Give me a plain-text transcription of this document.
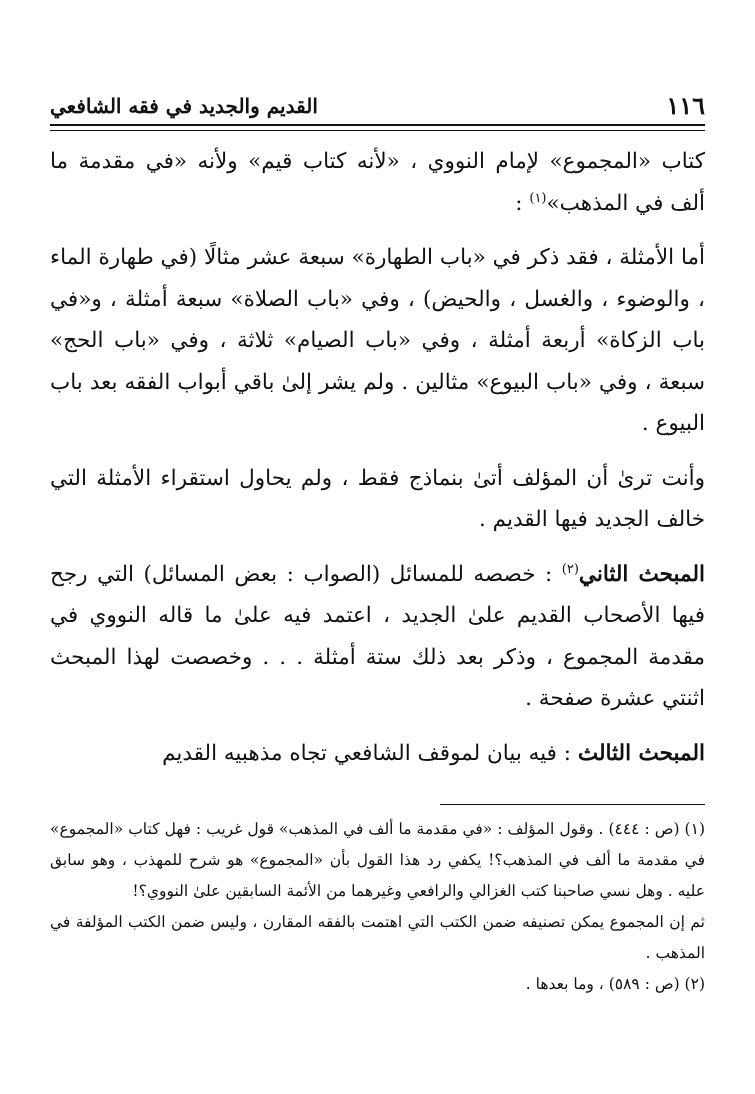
١١٦
القديم والجديد في فقه الشافعي

كتاب «المجموع» لإمام النووي ، «لأنه كتاب قيم» ولأنه «في مقدمة ما ألف في المذهب»$^{(١)}$ :

أما الأمثلة ، فقد ذكر في «باب الطهارة» سبعة عشر مثالًا (في طهارة الماء ، والوضوء ، والغسل ، والحيض) ، وفي «باب الصلاة» سبعة أمثلة ، و«في باب الزكاة» أربعة أمثلة ، وفي «باب الصيام» ثلاثة ، وفي «باب الحج» سبعة ، وفي «باب البيوع» مثالين . ولم يشر إلىٰ باقي أبواب الفقه بعد باب البيوع .

وأنت ترىٰ أن المؤلف أتىٰ بنماذج فقط ، ولم يحاول استقراء الأمثلة التي خالف الجديد فيها القديم .

المبحث الثاني$^{(٢)}$ : خصصه للمسائل (الصواب : بعض المسائل) التي رجح فيها الأصحاب القديم علىٰ الجديد ، اعتمد فيه علىٰ ما قاله النووي في مقدمة المجموع ، وذكر بعد ذلك ستة أمثلة . . . وخصصت لهذا المبحث اثنتي عشرة صفحة .

المبحث الثالث : فيه بيان لموقف الشافعي تجاه مذهبيه القديم

(١) (ص : ٤٤٤) . وقول المؤلف : «في مقدمة ما ألف في المذهب» قول غريب : فهل كتاب «المجموع» في مقدمة ما ألف في المذهب؟! يكفي رد هذا القول بأن «المجموع» هو شرح للمهذب ، وهو سابق عليه . وهل نسي صاحبنا كتب الغزالي والرافعي وغيرهما من الأئمة السابقين علىٰ النووي؟!

ثم إن المجموع يمكن تصنيفه ضمن الكتب التي اهتمت بالفقه المقارن ، وليس ضمن الكتب المؤلفة في المذهب .

(٢) (ص : ٥٨٩) ، وما بعدها .
